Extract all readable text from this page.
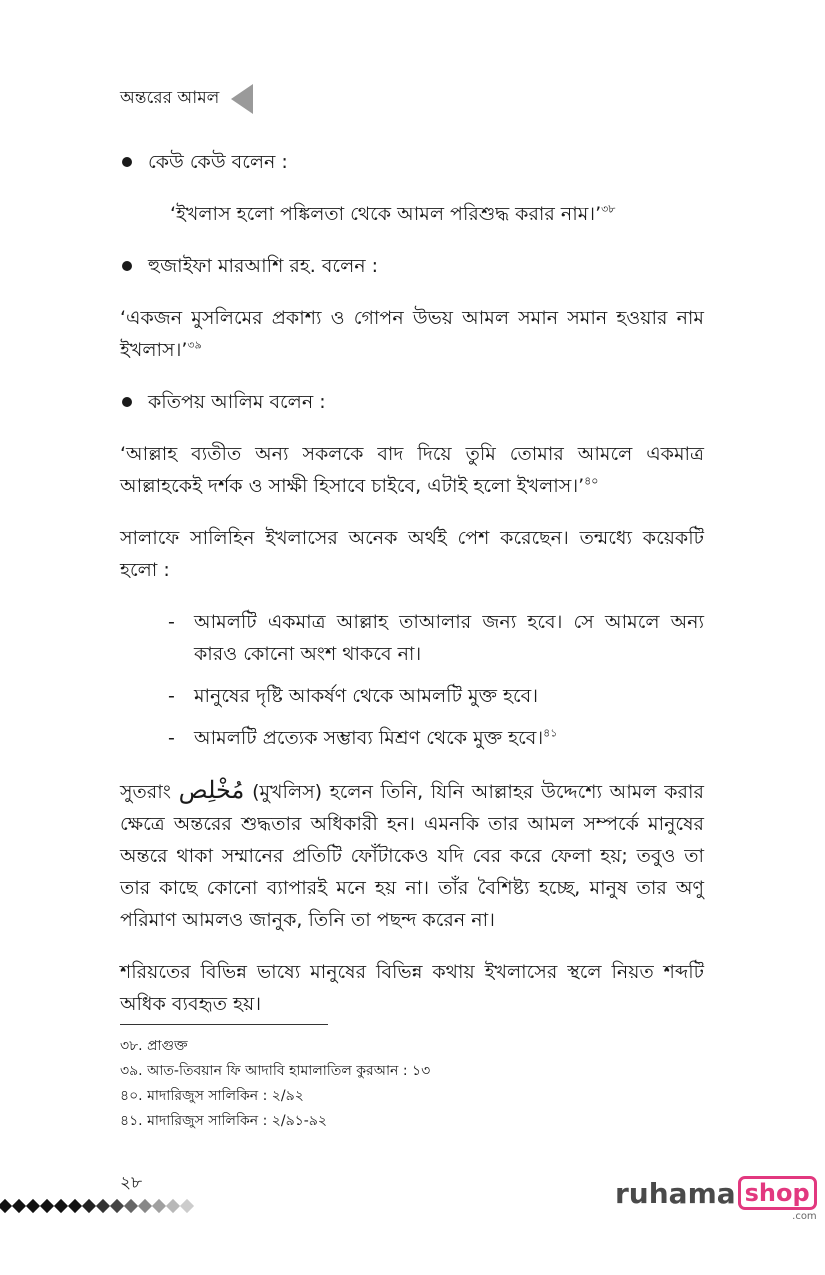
অন্তরের আমল
কেউ কেউ বলেন :
‘ইখলাস হলো পঙ্কিলতা থেকে আমল পরিশুদ্ধ করার নাম।’$^{৩৮}$
হুজাইফা মারআশি রহ. বলেন :
‘একজন মুসলিমের প্রকাশ্য ও গোপন উভয় আমল সমান সমান হওয়ার নাম ইখলাস।’$^{৩৯}$
কতিপয় আলিম বলেন :
‘আল্লাহ ব্যতীত অন্য সকলকে বাদ দিয়ে তুমি তোমার আমলে একমাত্র আল্লাহকেই দর্শক ও সাক্ষী হিসাবে চাইবে, এটাই হলো ইখলাস।’$^{৪০}$
সালাফে সালিহিন ইখলাসের অনেক অর্থই পেশ করেছেন। তন্মধ্যে কয়েকটি হলো :
-	আমলটি একমাত্র আল্লাহ তাআলার জন্য হবে। সে আমলে অন্য কারও কোনো অংশ থাকবে না।
-	মানুষের দৃষ্টি আকর্ষণ থেকে আমলটি মুক্ত হবে।
-	আমলটি প্রত্যেক সম্ভাব্য মিশ্রণ থেকে মুক্ত হবে।$^{৪১}$
সুতরাং مُخْلِص (মুখলিস) হলেন তিনি, যিনি আল্লাহর উদ্দেশ্যে আমল করার ক্ষেত্রে অন্তরের শুদ্ধতার অধিকারী হন। এমনকি তার আমল সম্পর্কে মানুষের অন্তরে থাকা সম্মানের প্রতিটি ফোঁটাকেও যদি বের করে ফেলা হয়; তবুও তা তার কাছে কোনো ব্যাপারই মনে হয় না। তাঁর বৈশিষ্ট্য হচ্ছে, মানুষ তার অণু পরিমাণ আমলও জানুক, তিনি তা পছন্দ করেন না।
শরিয়তের বিভিন্ন ভাষ্যে মানুষের বিভিন্ন কথায় ইখলাসের স্থলে নিয়ত শব্দটি অধিক ব্যবহৃত হয়।
৩৮. প্রাগুক্ত
৩৯. আত-তিবয়ান ফি আদাবি হামালাতিল কুরআন : ১৩
৪০. মাদারিজুস সালিকিন : ২/৯২
৪১. মাদারিজুস সালিকিন : ২/৯১-৯২
২৮	ruhama shop
.com
